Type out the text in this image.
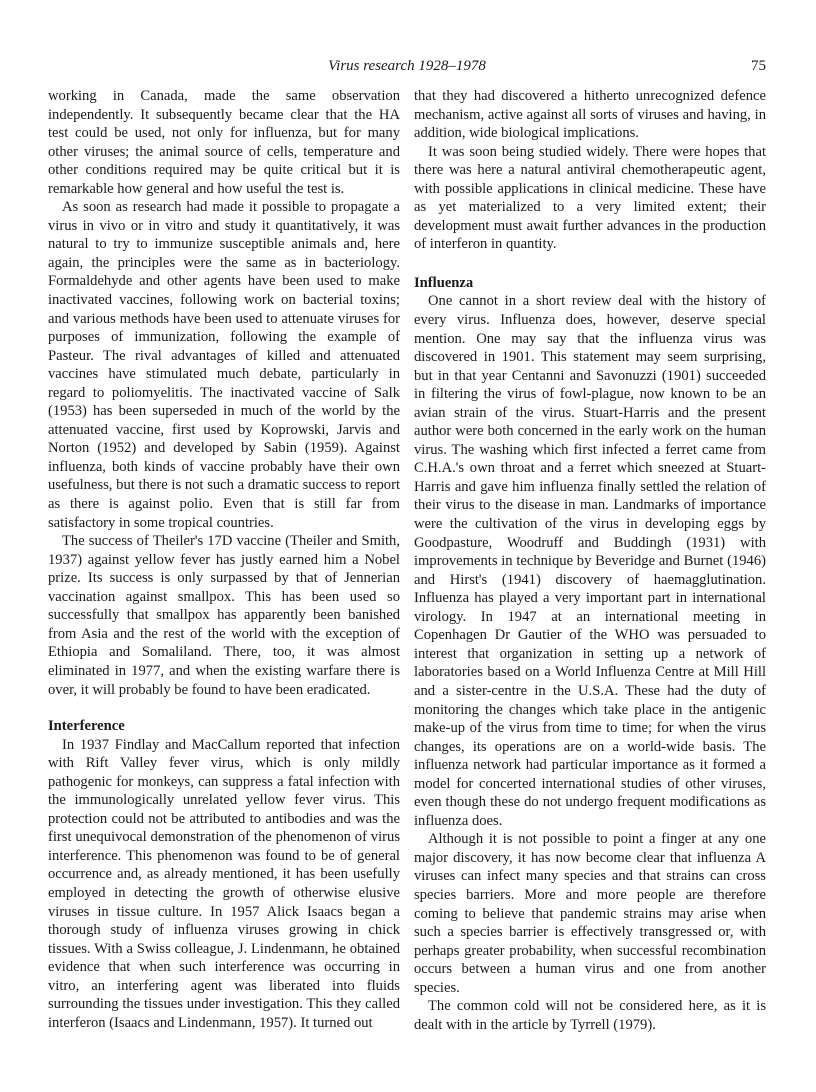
Virus research 1928–1978	75

working in Canada, made the same observation independently. It subsequently became clear that the HA test could be used, not only for influenza, but for many other viruses; the animal source of cells, temperature and other conditions required may be quite critical but it is remarkable how general and how useful the test is.

As soon as research had made it possible to propagate a virus in vivo or in vitro and study it quantitatively, it was natural to try to immunize susceptible animals and, here again, the principles were the same as in bacteriology. Formaldehyde and other agents have been used to make inactivated vaccines, following work on bacterial toxins; and various methods have been used to attenuate viruses for purposes of immunization, following the example of Pasteur. The rival advantages of killed and attenuated vaccines have stimulated much debate, particularly in regard to poliomyelitis. The inactivated vaccine of Salk (1953) has been superseded in much of the world by the attenuated vaccine, first used by Koprowski, Jarvis and Norton (1952) and developed by Sabin (1959). Against influenza, both kinds of vaccine probably have their own usefulness, but there is not such a dramatic success to report as there is against polio. Even that is still far from satisfactory in some tropical countries.

The success of Theiler's 17D vaccine (Theiler and Smith, 1937) against yellow fever has justly earned him a Nobel prize. Its success is only surpassed by that of Jennerian vaccination against smallpox. This has been used so successfully that smallpox has apparently been banished from Asia and the rest of the world with the exception of Ethiopia and Somaliland. There, too, it was almost eliminated in 1977, and when the existing warfare there is over, it will probably be found to have been eradicated.

Interference

In 1937 Findlay and MacCallum reported that infection with Rift Valley fever virus, which is only mildly pathogenic for monkeys, can suppress a fatal infection with the immunologically unrelated yellow fever virus. This protection could not be attributed to antibodies and was the first unequivocal demonstration of the phenomenon of virus interference. This phenomenon was found to be of general occurrence and, as already mentioned, it has been usefully employed in detecting the growth of otherwise elusive viruses in tissue culture. In 1957 Alick Isaacs began a thorough study of influenza viruses growing in chick tissues. With a Swiss colleague, J. Lindenmann, he obtained evidence that when such interference was occurring in vitro, an interfering agent was liberated into fluids surrounding the tissues under investigation. This they called interferon (Isaacs and Lindenmann, 1957). It turned out

that they had discovered a hitherto unrecognized defence mechanism, active against all sorts of viruses and having, in addition, wide biological implications.

It was soon being studied widely. There were hopes that there was here a natural antiviral chemotherapeutic agent, with possible applications in clinical medicine. These have as yet materialized to a very limited extent; their development must await further advances in the production of interferon in quantity.

Influenza

One cannot in a short review deal with the history of every virus. Influenza does, however, deserve special mention. One may say that the influenza virus was discovered in 1901. This statement may seem surprising, but in that year Centanni and Savonuzzi (1901) succeeded in filtering the virus of fowl-plague, now known to be an avian strain of the virus. Stuart-Harris and the present author were both concerned in the early work on the human virus. The washing which first infected a ferret came from C.H.A.'s own throat and a ferret which sneezed at Stuart-Harris and gave him influenza finally settled the relation of their virus to the disease in man. Landmarks of importance were the cultivation of the virus in developing eggs by Goodpasture, Woodruff and Buddingh (1931) with improvements in technique by Beveridge and Burnet (1946) and Hirst's (1941) discovery of haemagglutination. Influenza has played a very important part in international virology. In 1947 at an international meeting in Copenhagen Dr Gautier of the WHO was persuaded to interest that organization in setting up a network of laboratories based on a World Influenza Centre at Mill Hill and a sister-centre in the U.S.A. These had the duty of monitoring the changes which take place in the antigenic make-up of the virus from time to time; for when the virus changes, its operations are on a world-wide basis. The influenza network had particular importance as it formed a model for concerted international studies of other viruses, even though these do not undergo frequent modifications as influenza does.

Although it is not possible to point a finger at any one major discovery, it has now become clear that influenza A viruses can infect many species and that strains can cross species barriers. More and more people are therefore coming to believe that pandemic strains may arise when such a species barrier is effectively transgressed or, with perhaps greater probability, when successful recombination occurs between a human virus and one from another species.

The common cold will not be considered here, as it is dealt with in the article by Tyrrell (1979).
